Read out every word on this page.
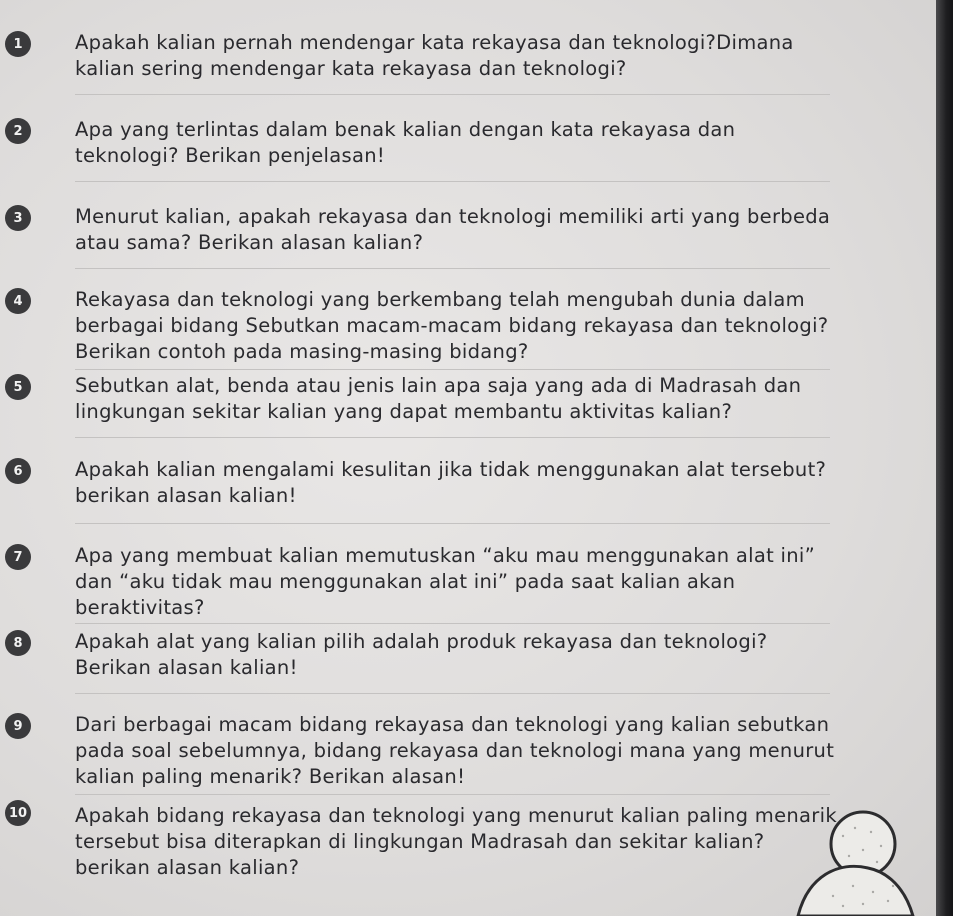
1	Apakah kalian pernah mendengar kata rekayasa dan teknologi?Dimana kalian sering mendengar kata rekayasa dan teknologi?
2	Apa yang terlintas dalam benak kalian dengan kata rekayasa dan teknologi? Berikan penjelasan!
3	Menurut kalian, apakah rekayasa dan teknologi memiliki arti yang berbeda atau sama? Berikan alasan kalian?
4	Rekayasa dan teknologi yang berkembang telah mengubah dunia dalam berbagai bidang Sebutkan macam-macam bidang rekayasa dan teknologi?Berikan contoh pada masing-masing bidang?
5	Sebutkan alat, benda atau jenis lain apa saja yang ada di Madrasah dan lingkungan sekitar kalian yang dapat membantu aktivitas kalian?
6	Apakah kalian mengalami kesulitan jika tidak menggunakan alat tersebut?berikan alasan kalian!
7	Apa yang membuat kalian memutuskan “aku mau menggunakan alat ini” dan “aku tidak mau menggunakan alat ini” pada saat kalian akan beraktivitas?
8	Apakah alat yang kalian pilih adalah produk rekayasa dan teknologi? Berikan alasan kalian!
9	Dari berbagai macam bidang rekayasa dan teknologi yang kalian sebutkan pada soal sebelumnya, bidang rekayasa dan teknologi mana yang menurut kalian paling menarik? Berikan alasan!
10 Apakah bidang rekayasa dan teknologi yang menurut kalian paling menarik tersebut bisa diterapkan di lingkungan Madrasah dan sekitar kalian? berikan alasan kalian?
